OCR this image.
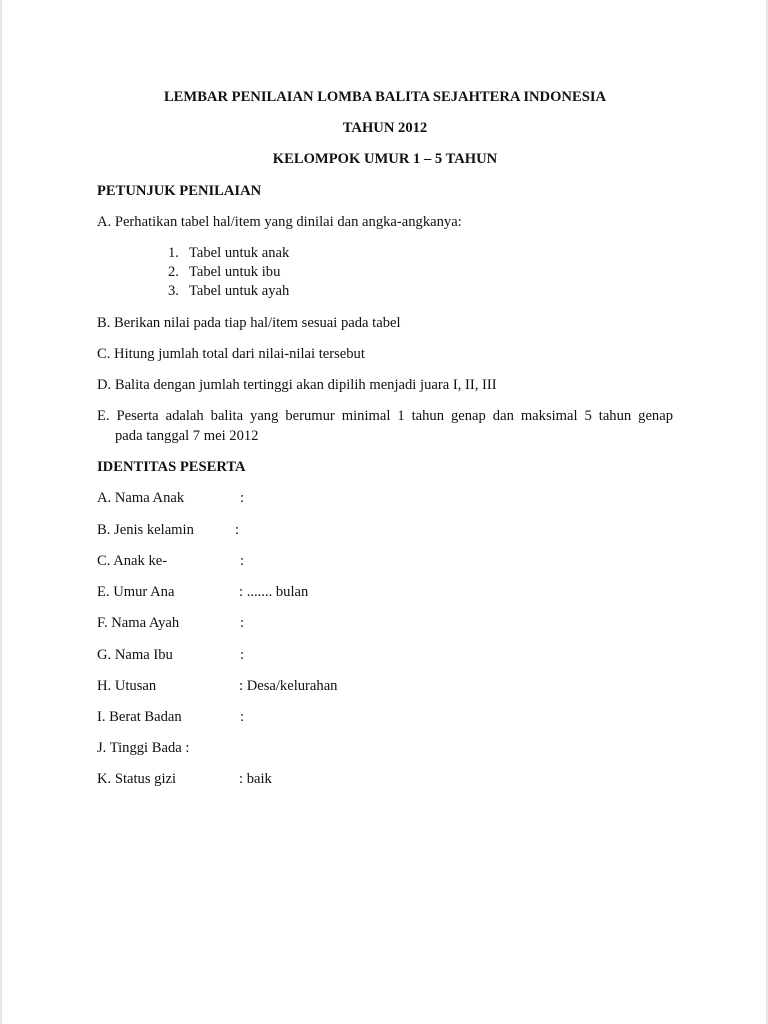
LEMBAR PENILAIAN LOMBA BALITA SEJAHTERA INDONESIA
TAHUN 2012
KELOMPOK UMUR 1 – 5 TAHUN
PETUNJUK PENILAIAN
A. Perhatikan tabel hal/item yang dinilai dan angka-angkanya:
1. Tabel untuk anak
2. Tabel untuk ibu
3. Tabel untuk ayah
B. Berikan nilai pada tiap hal/item sesuai pada tabel
C. Hitung jumlah total dari nilai-nilai tersebut
D. Balita dengan jumlah tertinggi akan dipilih menjadi juara I, II, III
E. Peserta adalah balita yang berumur minimal 1 tahun genap dan maksimal 5 tahun genap
pada tanggal 7 mei 2012
IDENTITAS PESERTA
A. Nama Anak	:
B. Jenis kelamin	:
C. Anak ke-	:
E. Umur Ana	: ....... bulan
F. Nama Ayah	:
G. Nama Ibu	:
H. Utusan	: Desa/kelurahan
I. Berat Badan	:
J. Tinggi Bada :
K. Status gizi	: baik
